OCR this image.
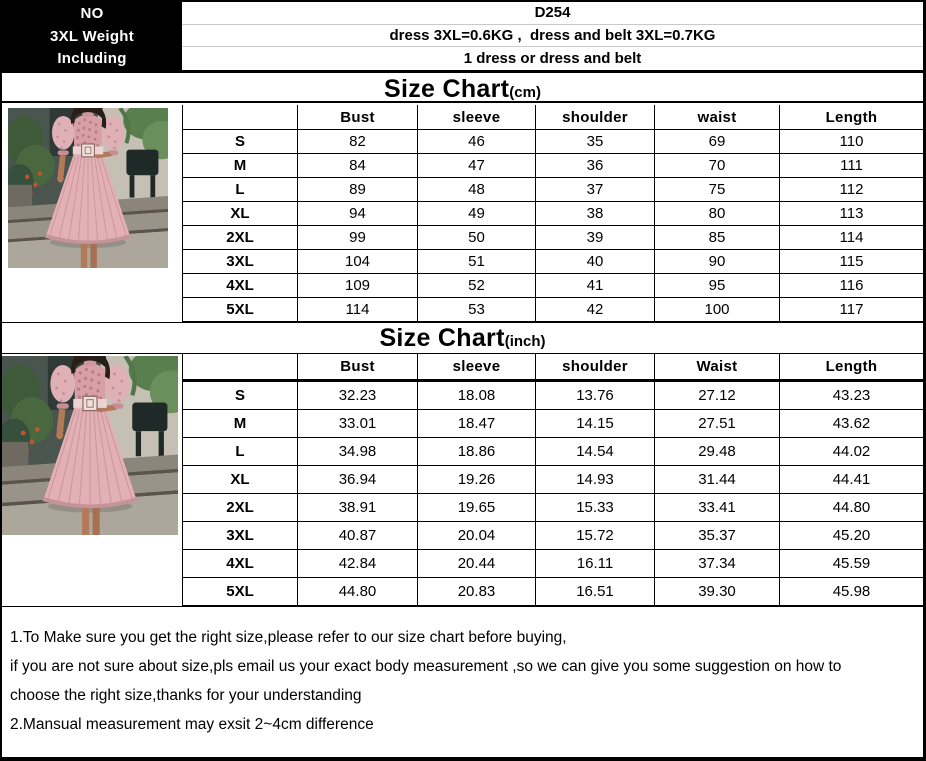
NO	D254
3XL Weight	dress 3XL=0.6KG ,  dress and belt 3XL=0.7KG
Including	1 dress or dress and belt
Size Chart(cm)
Bust	sleeve	shoulder	waist	Length
S	82	46	35	69	110
M	84	47	36	70	111
L	89	48	37	75	112
XL	94	49	38	80	113
2XL	99	50	39	85	114
3XL	104	51	40	90	115
4XL	109	52	41	95	116
5XL	114	53	42	100	117
Size Chart(inch)
Bust	sleeve	shoulder	Waist	Length
S	32.23	18.08	13.76	27.12	43.23
M	33.01	18.47	14.15	27.51	43.62
L	34.98	18.86	14.54	29.48	44.02
XL	36.94	19.26	14.93	31.44	44.41
2XL	38.91	19.65	15.33	33.41	44.80
3XL	40.87	20.04	15.72	35.37	45.20
4XL	42.84	20.44	16.11	37.34	45.59
5XL	44.80	20.83	16.51	39.30	45.98
1.To Make sure you get the right size,please refer to our size chart before buying,
if you are not sure about size,pls email us your exact body measurement ,so we can give you some suggestion on how to
choose the right size,thanks for your understanding
2.Mansual measurement may exsit 2~4cm difference
